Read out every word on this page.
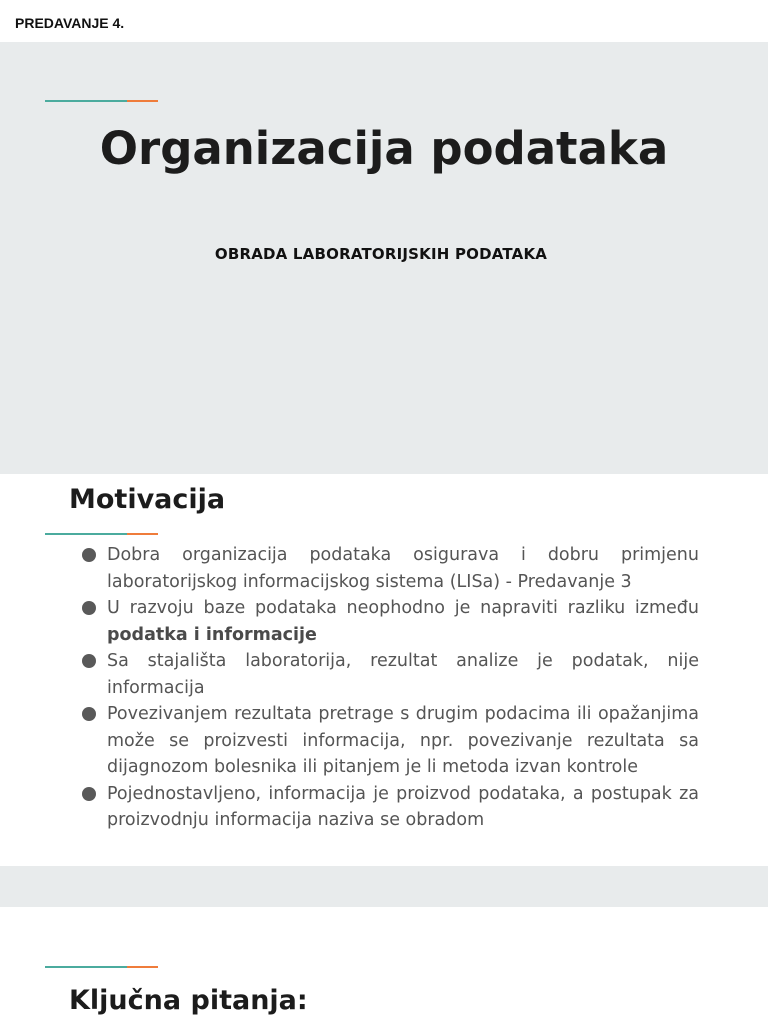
PREDAVANJE 4.
Organizacija podataka
OBRADA LABORATORIJSKIH PODATAKA
Motivacija
Dobra organizacija podataka osigurava i dobru primjenu laboratorijskog informacijskog sistema (LISa) - Predavanje 3
U razvoju baze podataka neophodno je napraviti razliku između podatka i informacije
Sa stajališta laboratorija, rezultat analize je podatak, nije informacija
Povezivanjem rezultata pretrage s drugim podacima ili opažanjima može se proizvesti informacija, npr. povezivanje rezultata sa dijagnozom bolesnika ili pitanjem je li metoda izvan kontrole
Pojednostavljeno, informacija je proizvod podataka, a postupak za proizvodnju informacija naziva se obradom
Ključna pitanja:
